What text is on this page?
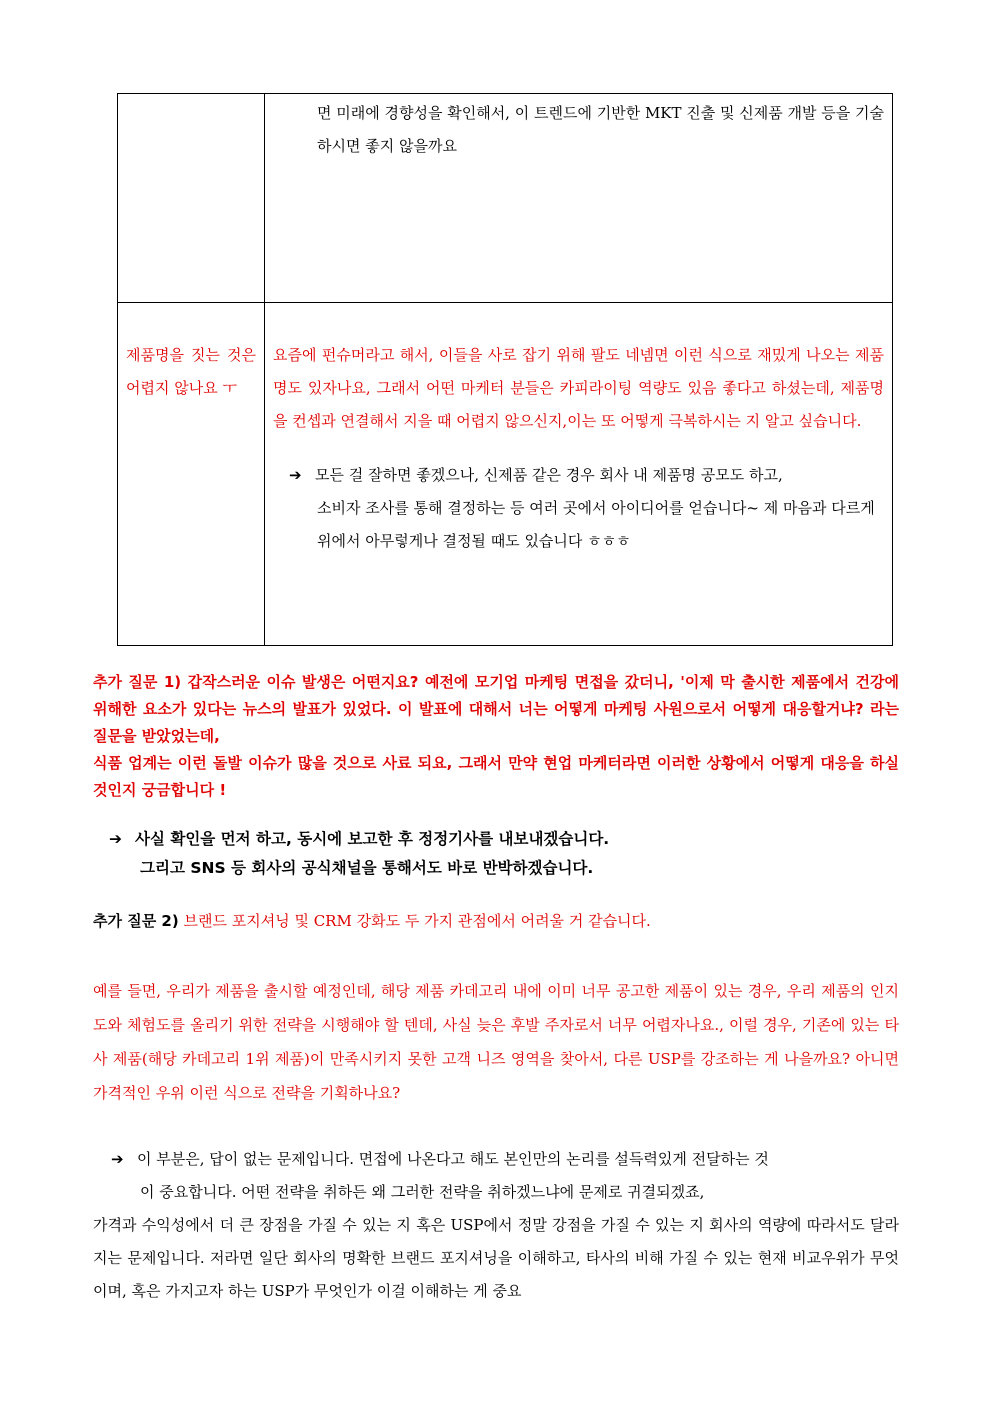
	면 미래에 경향성을 확인해서, 이 트렌드에 기반한 MKT 진출 및 신제품 개발 등을 기술하시면 좋지 않을까요

제품명을 짓는 것은 어렵지 않나요 ㅜ	요즘에 펀슈머라고 해서, 이들을 사로 잡기 위해 팔도 네넴면 이런 식으로 재밌게 나오는 제품명도 있자나요, 그래서 어떤 마케터 분들은 카피라이팅 역량도 있음 좋다고 하셨는데, 제품명을 컨셉과 연결해서 지을 때 어렵지 않으신지,이는 또 어떻게 극복하시는 지 알고 싶습니다.
➔ 모든 걸 잘하면 좋겠으나, 신제품 같은 경우 회사 내 제품명 공모도 하고,
소비자 조사를 통해 결정하는 등 여러 곳에서 아이디어를 얻습니다~ 제 마음과 다르게 위에서 아무렇게나 결정될 때도 있습니다 ㅎㅎㅎ
추가 질문 1) 갑작스러운 이슈 발생은 어떤지요? 예전에 모기업 마케팅 면접을 갔더니, '이제 막 출시한 제품에서 건강에 위해한 요소가 있다는 뉴스의 발표가 있었다. 이 발표에 대해서 너는 어떻게 마케팅 사원으로서 어떻게 대응할거냐? 라는 질문을 받았었는데,
식품 업계는 이런 돌발 이슈가 많을 것으로 사료 되요, 그래서 만약 현업 마케터라면 이러한 상황에서 어떻게 대응을 하실 것인지 궁금합니다 !
➔ 사실 확인을 먼저 하고, 동시에 보고한 후 정정기사를 내보내겠습니다.
그리고 SNS 등 회사의 공식채널을 통해서도 바로 반박하겠습니다.
추가 질문 2) 브랜드 포지셔닝 및 CRM 강화도 두 가지 관점에서 어려울 거 같습니다.
예를 들면, 우리가 제품을 출시할 예정인데, 해당 제품 카데고리 내에 이미 너무 공고한 제품이 있는 경우, 우리 제품의 인지도와 체험도를 올리기 위한 전략을 시행해야 할 텐데, 사실 늦은 후발 주자로서 너무 어렵자나요., 이럴 경우, 기존에 있는 타사 제품(해당 카데고리 1위 제품)이 만족시키지 못한 고객 니즈 영역을 찾아서, 다른 USP를 강조하는 게 나을까요? 아니면 가격적인 우위 이런 식으로 전략을 기획하나요?
➔ 이 부분은, 답이 없는 문제입니다. 면접에 나온다고 해도 본인만의 논리를 설득력있게 전달하는 것
이 중요합니다. 어떤 전략을 취하든 왜 그러한 전략을 취하겠느냐에 문제로 귀결되겠죠,
가격과 수익성에서 더 큰 장점을 가질 수 있는 지 혹은 USP에서 정말 강점을 가질 수 있는 지 회사의 역량에 따라서도 달라지는 문제입니다. 저라면 일단 회사의 명확한 브랜드 포지셔닝을 이해하고, 타사의 비해 가질 수 있는 현재 비교우위가 무엇이며, 혹은 가지고자 하는 USP가 무엇인가 이걸 이해하는 게 중요
